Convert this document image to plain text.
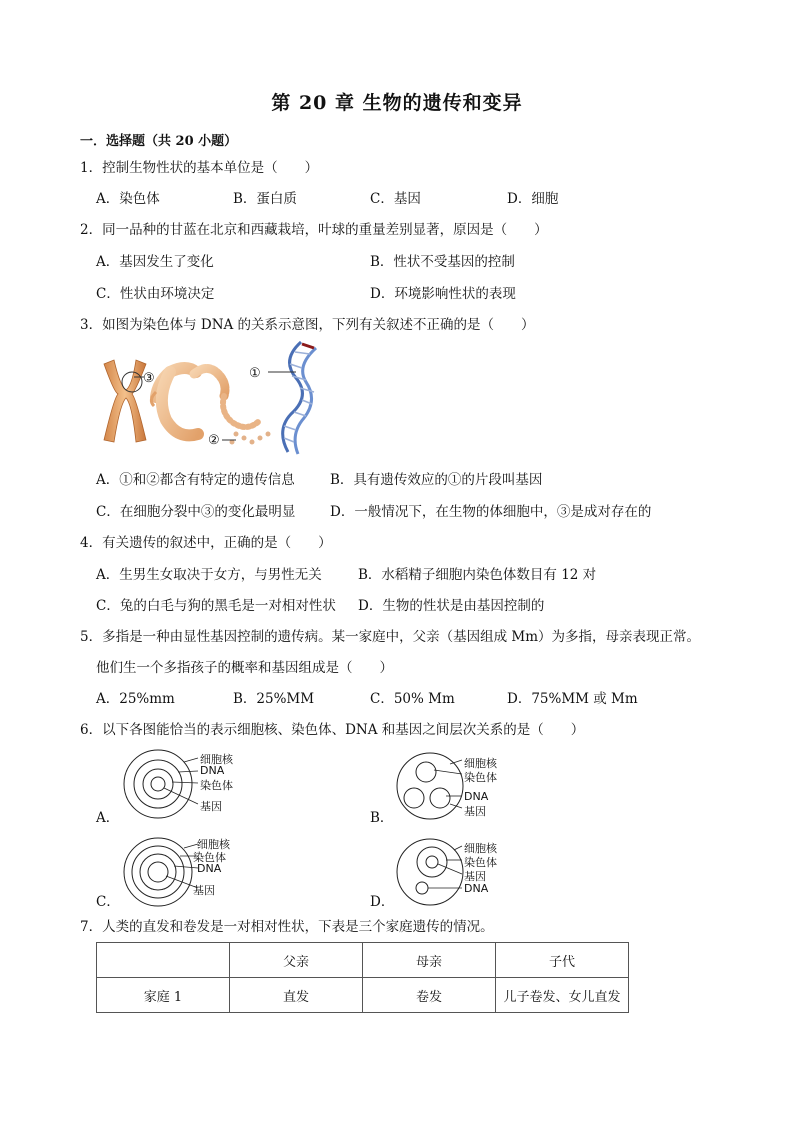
第 20 章 生物的遗传和变异
一．选择题（共 20 小题）
1．控制生物性状的基本单位是（　　）
A．染色体	B．蛋白质	C．基因	D．细胞
2．同一品种的甘蓝在北京和西藏栽培，叶球的重量差别显著，原因是（　　）
A．基因发生了变化	B．性状不受基因的控制
C．性状由环境决定	D．环境影响性状的表现
3．如图为染色体与 DNA 的关系示意图，下列有关叙述不正确的是（　　）
③	①
②
A．①和②都含有特定的遗传信息	B．具有遗传效应的①的片段叫基因
C．在细胞分裂中③的变化最明显	D．一般情况下，在生物的体细胞中，③是成对存在的
4．有关遗传的叙述中，正确的是（　　）
A．生男生女取决于女方，与男性无关	B．水稻精子细胞内染色体数目有 12 对
C．兔的白毛与狗的黑毛是一对相对性状 D．生物的性状是由基因控制的
5．多指是一种由显性基因控制的遗传病。某一家庭中，父亲（基因组成 Mm）为多指，母亲表现正常。
他们生一个多指孩子的概率和基因组成是（　　）
A．25%mm	B．25%MM	C．50% Mm	D．75%MM 或 Mm
6．以下各图能恰当的表示细胞核、染色体、DNA 和基因之间层次关系的是（　　）
细胞核
DNA
染色体
基因
A．
细胞核
染色体
DNA
基因
B．
细胞核
染色体
DNA
基因
C．
细胞核
染色体
基因
DNA
D．
7．人类的直发和卷发是一对相对性状，下表是三个家庭遗传的情况。
	父亲	母亲	子代
家庭 1	直发	卷发	儿子卷发、女儿直发
